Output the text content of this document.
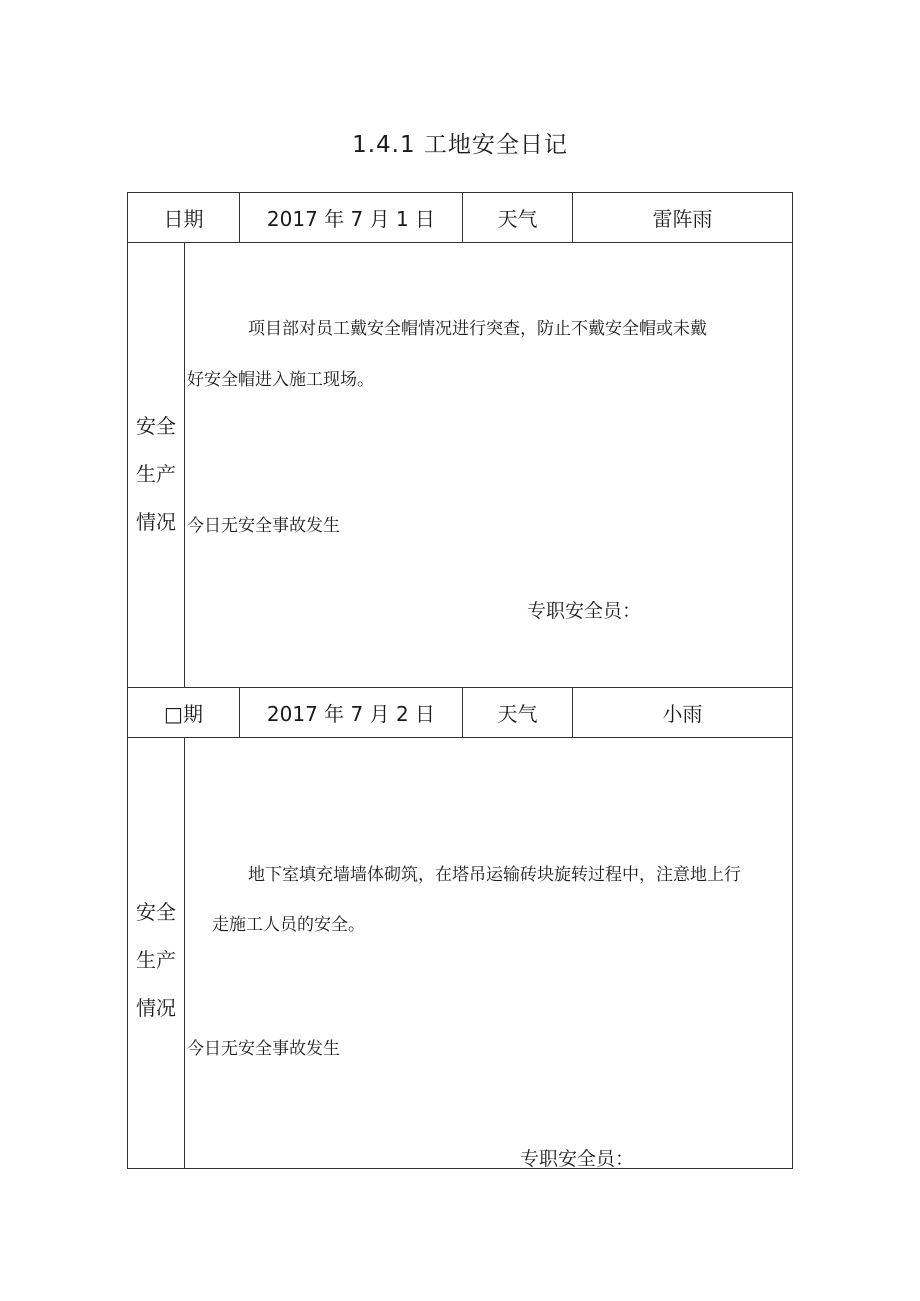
1.4.1 工地安全日记
日期	2017 年 7 月 1 日	天气	雷阵雨
安全
生产
情况
项目部对员工戴安全帽情况进行突查，防止不戴安全帽或未戴
好安全帽进入施工现场。
今日无安全事故发生
专职安全员：
□期	2017 年 7 月 2 日	天气	小雨
安全
生产
情况
地下室填充墙墙体砌筑，在塔吊运输砖块旋转过程中，注意地上行
走施工人员的安全。
今日无安全事故发生
专职安全员：
